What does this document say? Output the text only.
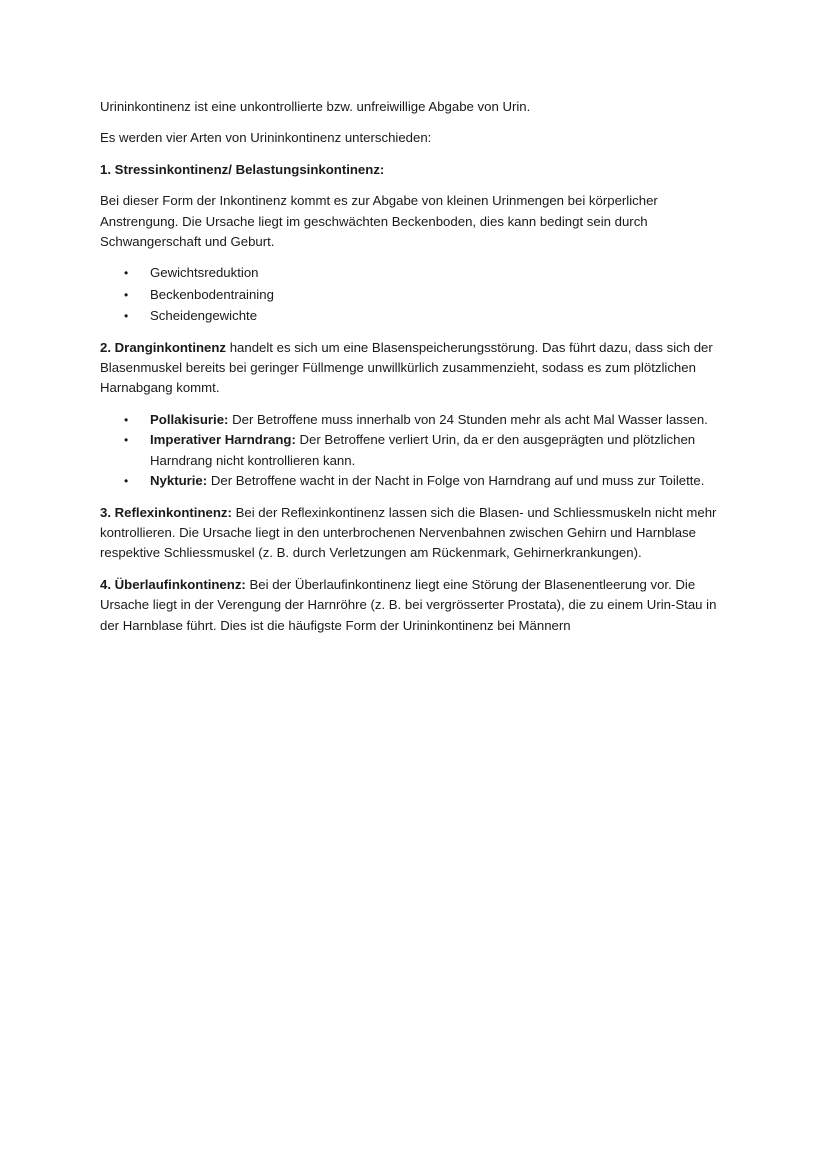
Urininkontinenz ist eine unkontrollierte bzw. unfreiwillige Abgabe von Urin.

Es werden vier Arten von Urininkontinenz unterschieden:

1. Stressinkontinenz/ Belastungsinkontinenz:

Bei dieser Form der Inkontinenz kommt es zur Abgabe von kleinen Urinmengen bei körperlicher Anstrengung. Die Ursache liegt im geschwächten Beckenboden, dies kann bedingt sein durch Schwangerschaft und Geburt.

• Gewichtsreduktion
• Beckenbodentraining
• Scheidengewichte

2. Dranginkontinenz handelt es sich um eine Blasenspeicherungsstörung. Das führt dazu, dass sich der Blasenmuskel bereits bei geringer Füllmenge unwillkürlich zusammenzieht, sodass es zum plötzlichen Harnabgang kommt.

• Pollakisurie: Der Betroffene muss innerhalb von 24 Stunden mehr als acht Mal Wasser lassen.
• Imperativer Harndrang: Der Betroffene verliert Urin, da er den ausgeprägten und plötzlichen Harndrang nicht kontrollieren kann.
• Nykturie: Der Betroffene wacht in der Nacht in Folge von Harndrang auf und muss zur Toilette.

3. Reflexinkontinenz: Bei der Reflexinkontinenz lassen sich die Blasen- und Schliessmuskeln nicht mehr kontrollieren. Die Ursache liegt in den unterbrochenen Nervenbahnen zwischen Gehirn und Harnblase respektive Schliessmuskel (z. B. durch Verletzungen am Rückenmark, Gehirnerkrankungen).

4. Überlaufinkontinenz: Bei der Überlaufinkontinenz liegt eine Störung der Blasenentleerung vor. Die Ursache liegt in der Verengung der Harnröhre (z. B. bei vergrösserter Prostata), die zu einem Urin-Stau in der Harnblase führt. Dies ist die häufigste Form der Urininkontinenz bei Männern
